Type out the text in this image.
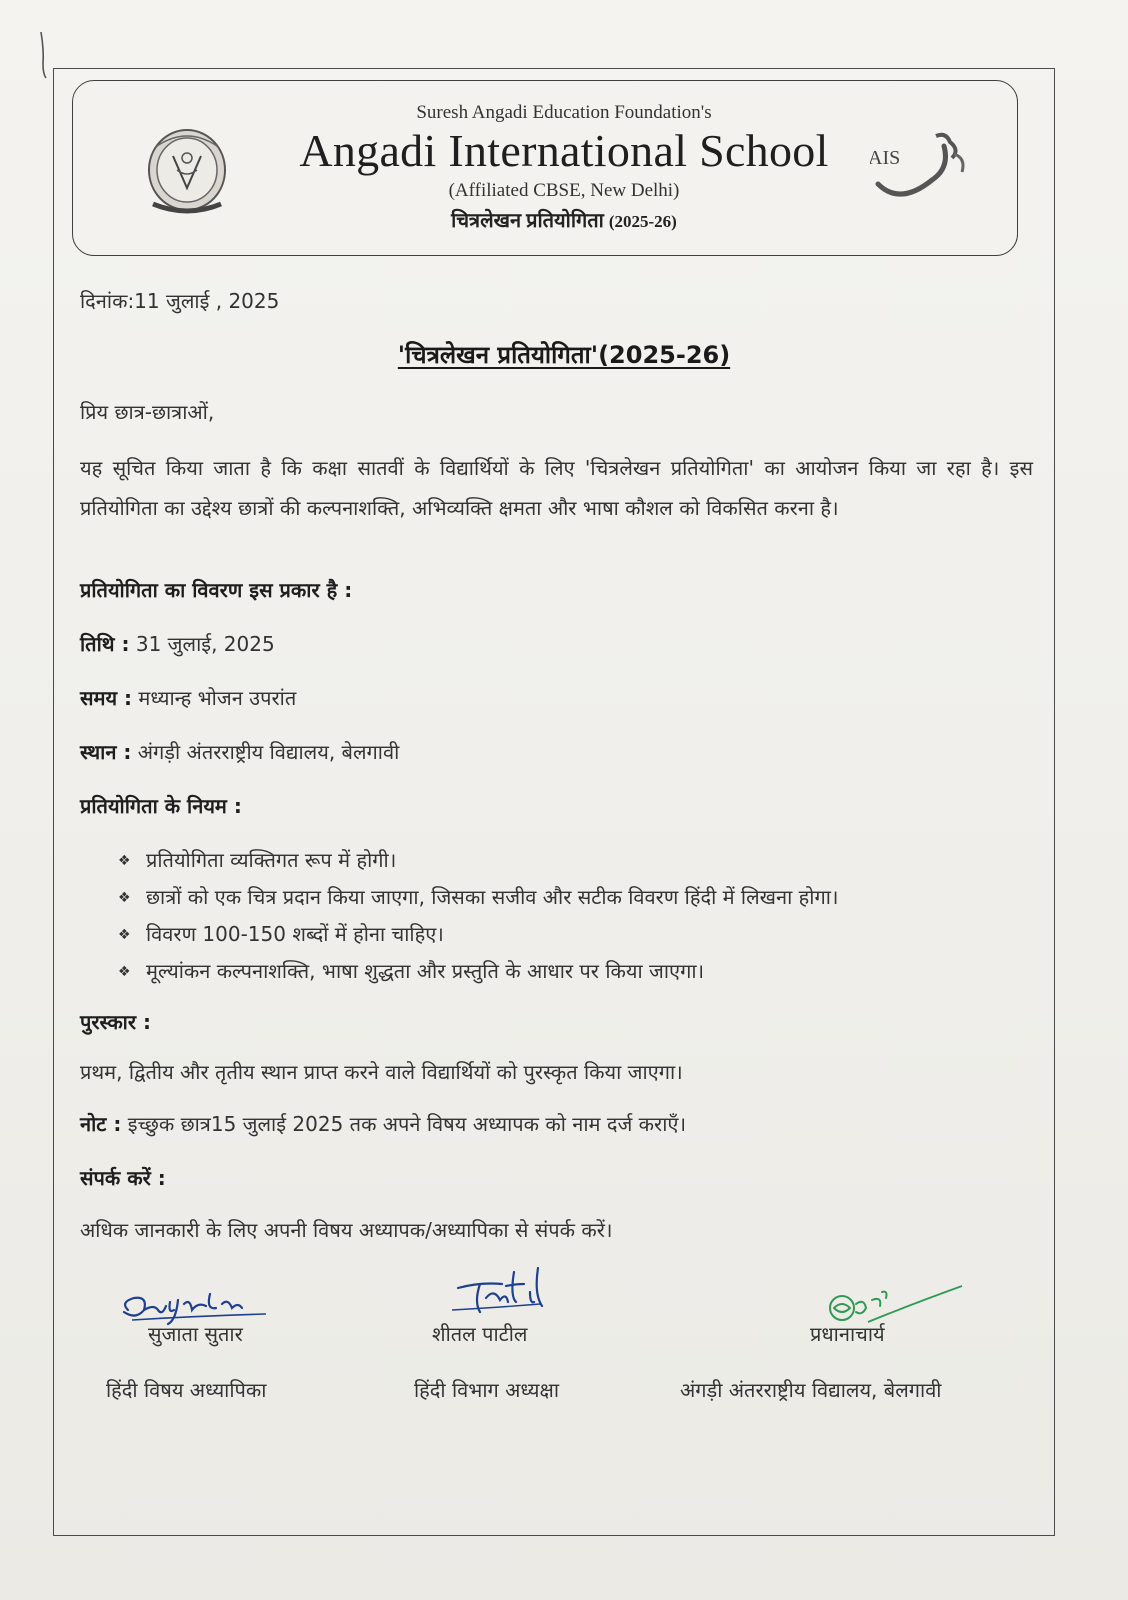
AIS
Suresh Angadi Education Foundation's
Angadi International School
(Affiliated CBSE, New Delhi)
चित्रलेखन प्रतियोगिता (2025-26)
दिनांक:11 जुलाई , 2025
'चित्रलेखन प्रतियोगिता'(2025-26)
प्रिय छात्र-छात्राओं,
यह सूचित किया जाता है कि कक्षा सातवीं के विद्यार्थियों के लिए 'चित्रलेखन प्रतियोगिता' का आयोजन किया जा रहा है। इस प्रतियोगिता का उद्देश्य छात्रों की कल्पनाशक्ति, अभिव्यक्ति क्षमता और भाषा कौशल को विकसित करना है।
प्रतियोगिता का विवरण इस प्रकार है :
तिथि : 31 जुलाई, 2025
समय : मध्यान्ह भोजन उपरांत
स्थान : अंगड़ी अंतरराष्ट्रीय विद्यालय, बेलगावी
प्रतियोगिता के नियम :
❖ प्रतियोगिता व्यक्तिगत रूप में होगी।
❖ छात्रों को एक चित्र प्रदान किया जाएगा, जिसका सजीव और सटीक विवरण हिंदी में लिखना होगा।
❖ विवरण 100-150 शब्दों में होना चाहिए।
❖ मूल्यांकन कल्पनाशक्ति, भाषा शुद्धता और प्रस्तुति के आधार पर किया जाएगा।
पुरस्कार :
प्रथम, द्वितीय और तृतीय स्थान प्राप्त करने वाले विद्यार्थियों को पुरस्कृत किया जाएगा।
नोट : इच्छुक छात्र15 जुलाई 2025 तक अपने विषय अध्यापक को नाम दर्ज कराएँ।
संपर्क करें :
अधिक जानकारी के लिए अपनी विषय अध्यापक/अध्यापिका से संपर्क करें।
सुजाता सुतार	शीतल पाटील	प्रधानाचार्य
हिंदी विषय अध्यापिका	हिंदी विभाग अध्यक्षा	अंगड़ी अंतरराष्ट्रीय विद्यालय, बेलगावी
